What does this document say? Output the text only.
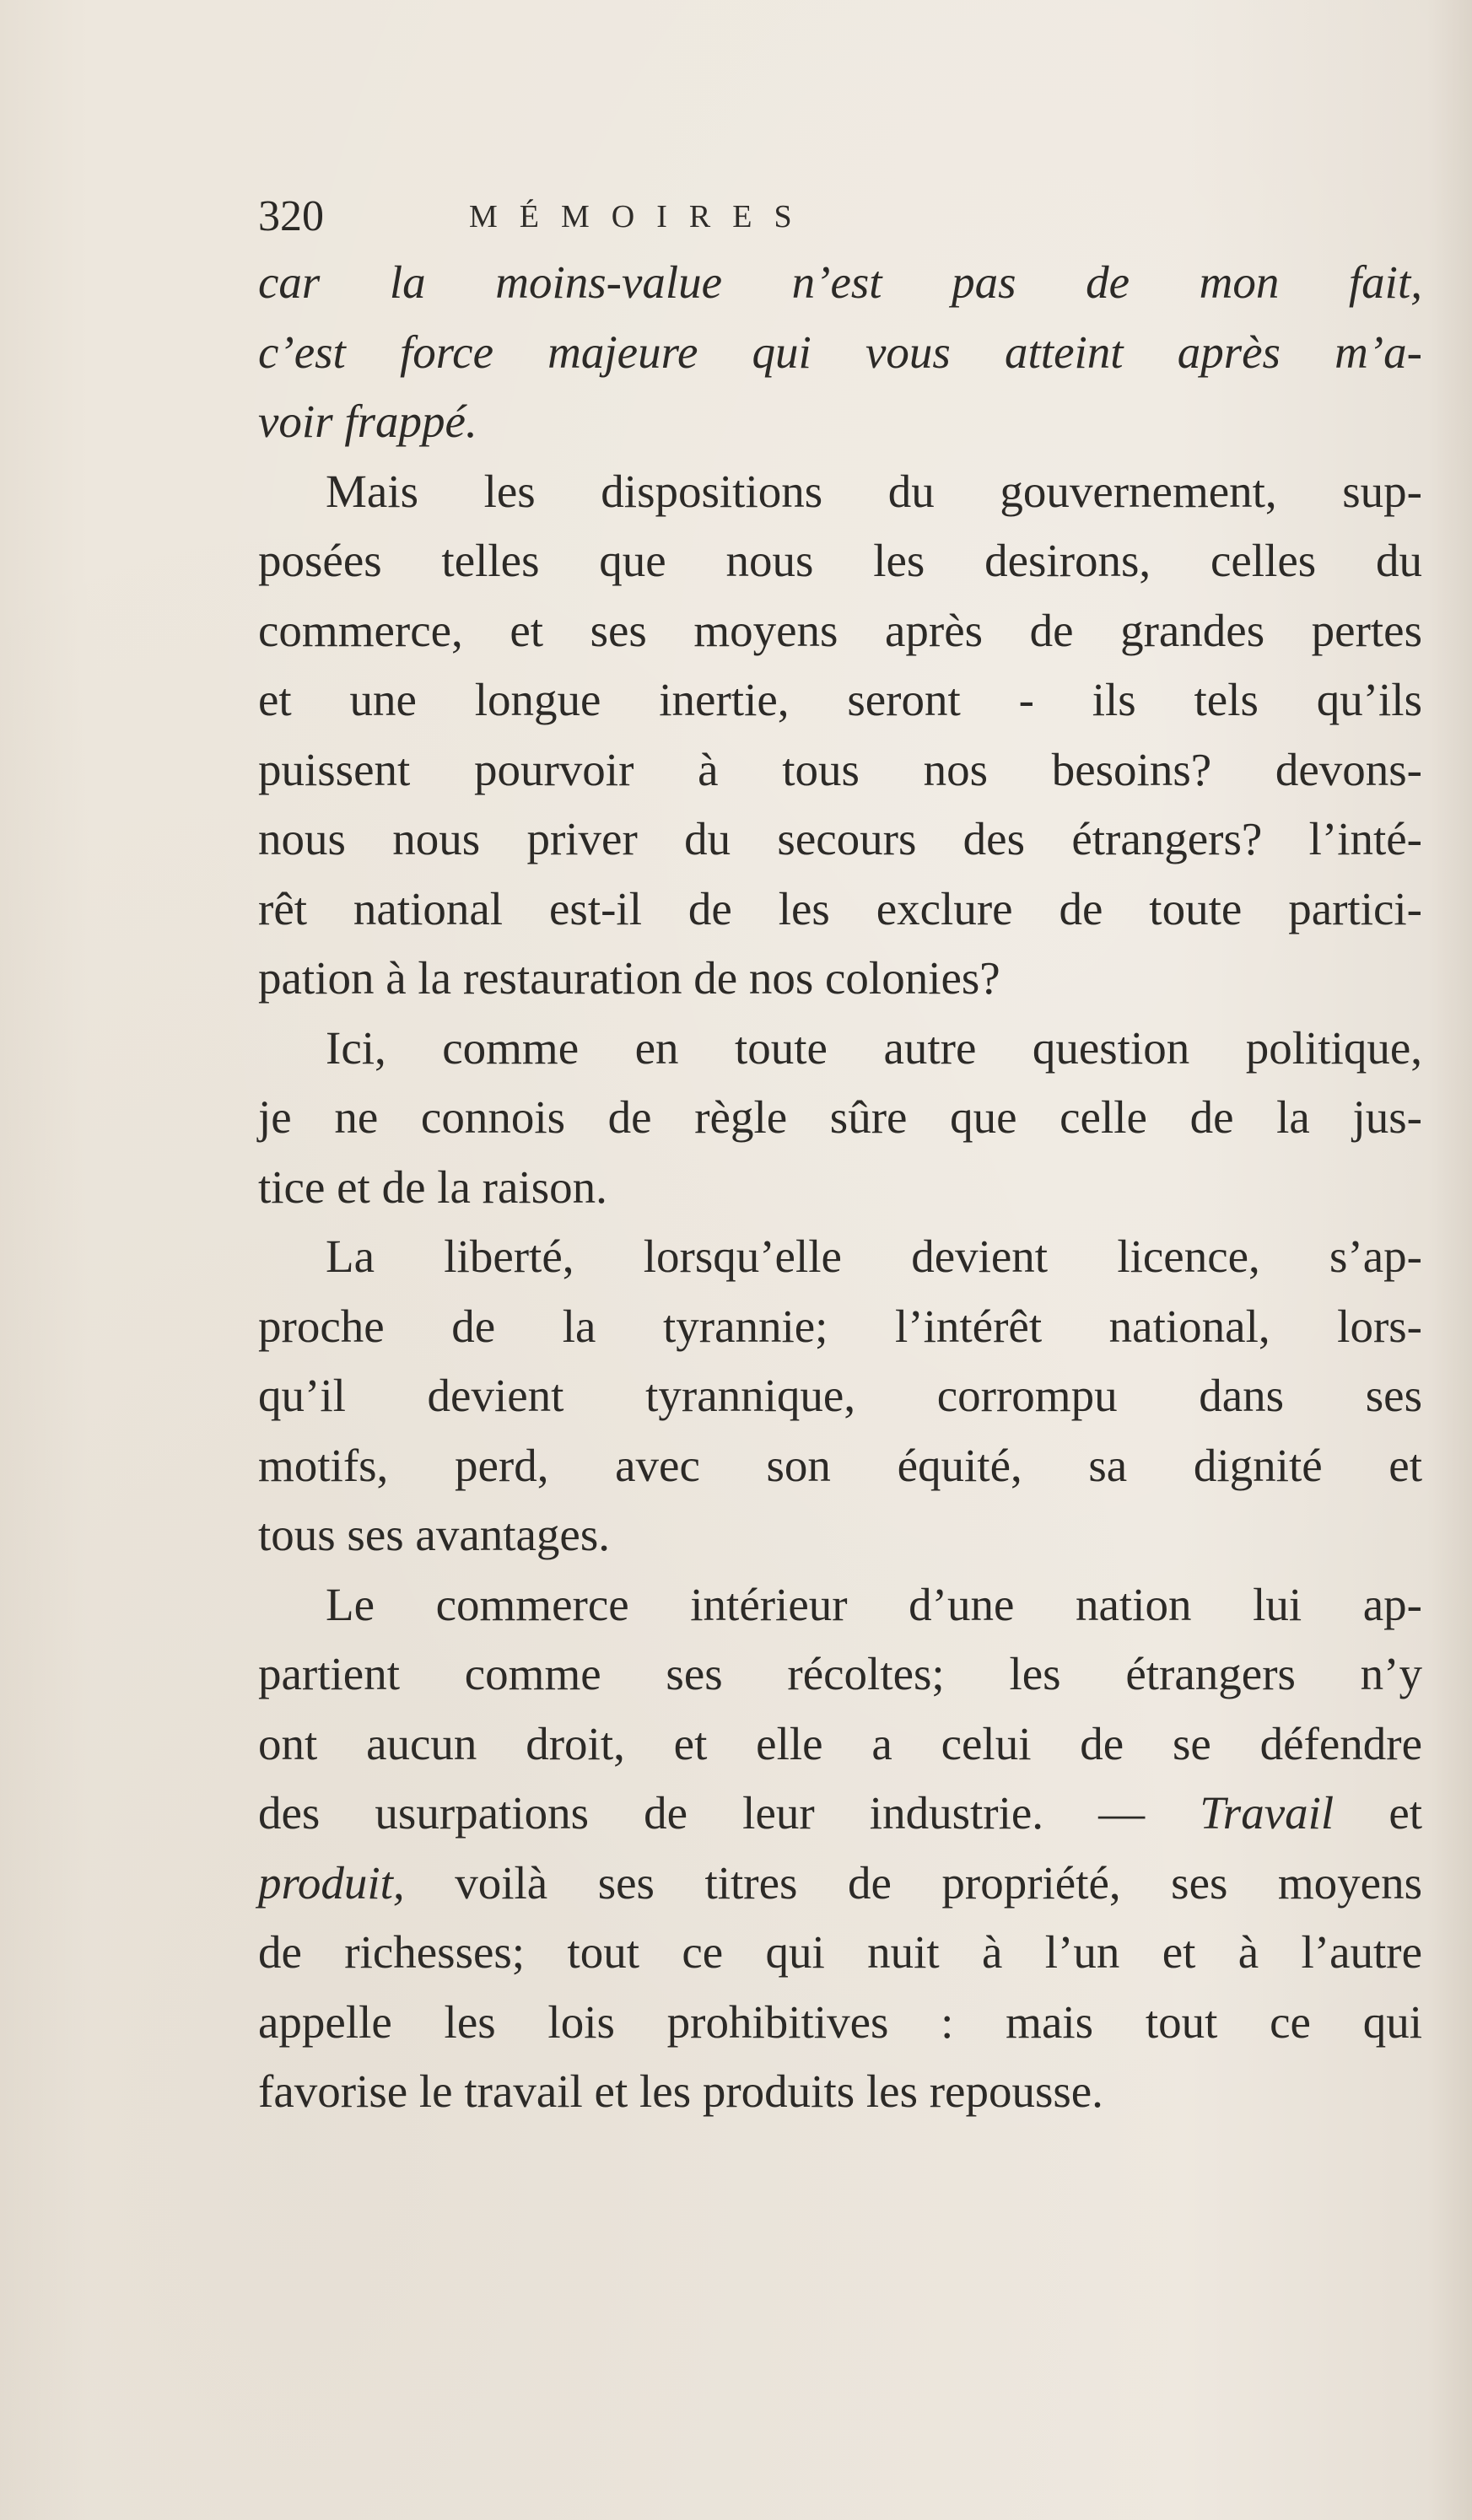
320	MÉMOIRES
car la moins-value n’est pas de mon fait,
c’est force majeure qui vous atteint après m’a-
voir frappé.
Mais les dispositions du gouvernement, sup-
posées telles que nous les desirons, celles du
commerce, et ses moyens après de grandes pertes
et une longue inertie, seront - ils tels qu’ils
puissent pourvoir à tous nos besoins? devons-
nous nous priver du secours des étrangers? l’inté-
rêt national est-il de les exclure de toute partici-
pation à la restauration de nos colonies?
Ici, comme en toute autre question politique,
je ne connois de règle sûre que celle de la jus-
tice et de la raison.
La liberté, lorsqu’elle devient licence, s’ap-
proche de la tyrannie; l’intérêt national, lors-
qu’il devient tyrannique, corrompu dans ses
motifs, perd, avec son équité, sa dignité et
tous ses avantages.
Le commerce intérieur d’une nation lui ap-
partient comme ses récoltes; les étrangers n’y
ont aucun droit, et elle a celui de se défendre
des usurpations de leur industrie. — Travail et
produit, voilà ses titres de propriété, ses moyens
de richesses; tout ce qui nuit à l’un et à l’autre
appelle les lois prohibitives : mais tout ce qui
favorise le travail et les produits les repousse.
